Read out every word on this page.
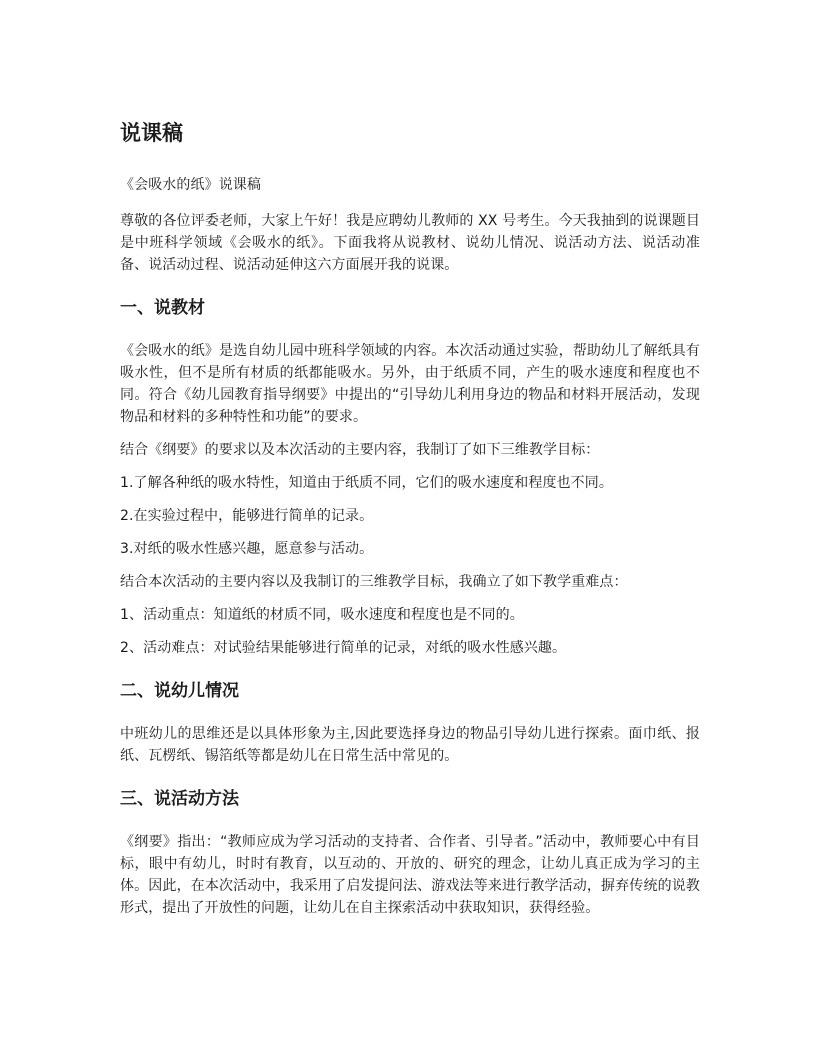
说课稿

《会吸水的纸》说课稿

尊敬的各位评委老师，大家上午好！我是应聘幼儿教师的 XX 号考生。今天我抽到的说课题目是中班科学领域《会吸水的纸》。下面我将从说教材、说幼儿情况、说活动方法、说活动准备、说活动过程、说活动延伸这六方面展开我的说课。

一、说教材

《会吸水的纸》是选自幼儿园中班科学领域的内容。本次活动通过实验，帮助幼儿了解纸具有吸水性，但不是所有材质的纸都能吸水。另外，由于纸质不同，产生的吸水速度和程度也不同。符合《幼儿园教育指导纲要》中提出的“引导幼儿利用身边的物品和材料开展活动，发现物品和材料的多种特性和功能”的要求。

结合《纲要》的要求以及本次活动的主要内容，我制订了如下三维教学目标：

1.了解各种纸的吸水特性，知道由于纸质不同，它们的吸水速度和程度也不同。

2.在实验过程中，能够进行简单的记录。

3.对纸的吸水性感兴趣，愿意参与活动。

结合本次活动的主要内容以及我制订的三维教学目标，我确立了如下教学重难点：

1、活动重点：知道纸的材质不同，吸水速度和程度也是不同的。

2、活动难点：对试验结果能够进行简单的记录，对纸的吸水性感兴趣。

二、说幼儿情况

中班幼儿的思维还是以具体形象为主,因此要选择身边的物品引导幼儿进行探索。面巾纸、报纸、瓦楞纸、锡箔纸等都是幼儿在日常生活中常见的。

三、说活动方法

《纲要》指出：“教师应成为学习活动的支持者、合作者、引导者。”活动中，教师要心中有目标，眼中有幼儿，时时有教育，以互动的、开放的、研究的理念，让幼儿真正成为学习的主体。因此，在本次活动中，我采用了启发提问法、游戏法等来进行教学活动，摒弃传统的说教形式，提出了开放性的问题，让幼儿在自主探索活动中获取知识，获得经验。
